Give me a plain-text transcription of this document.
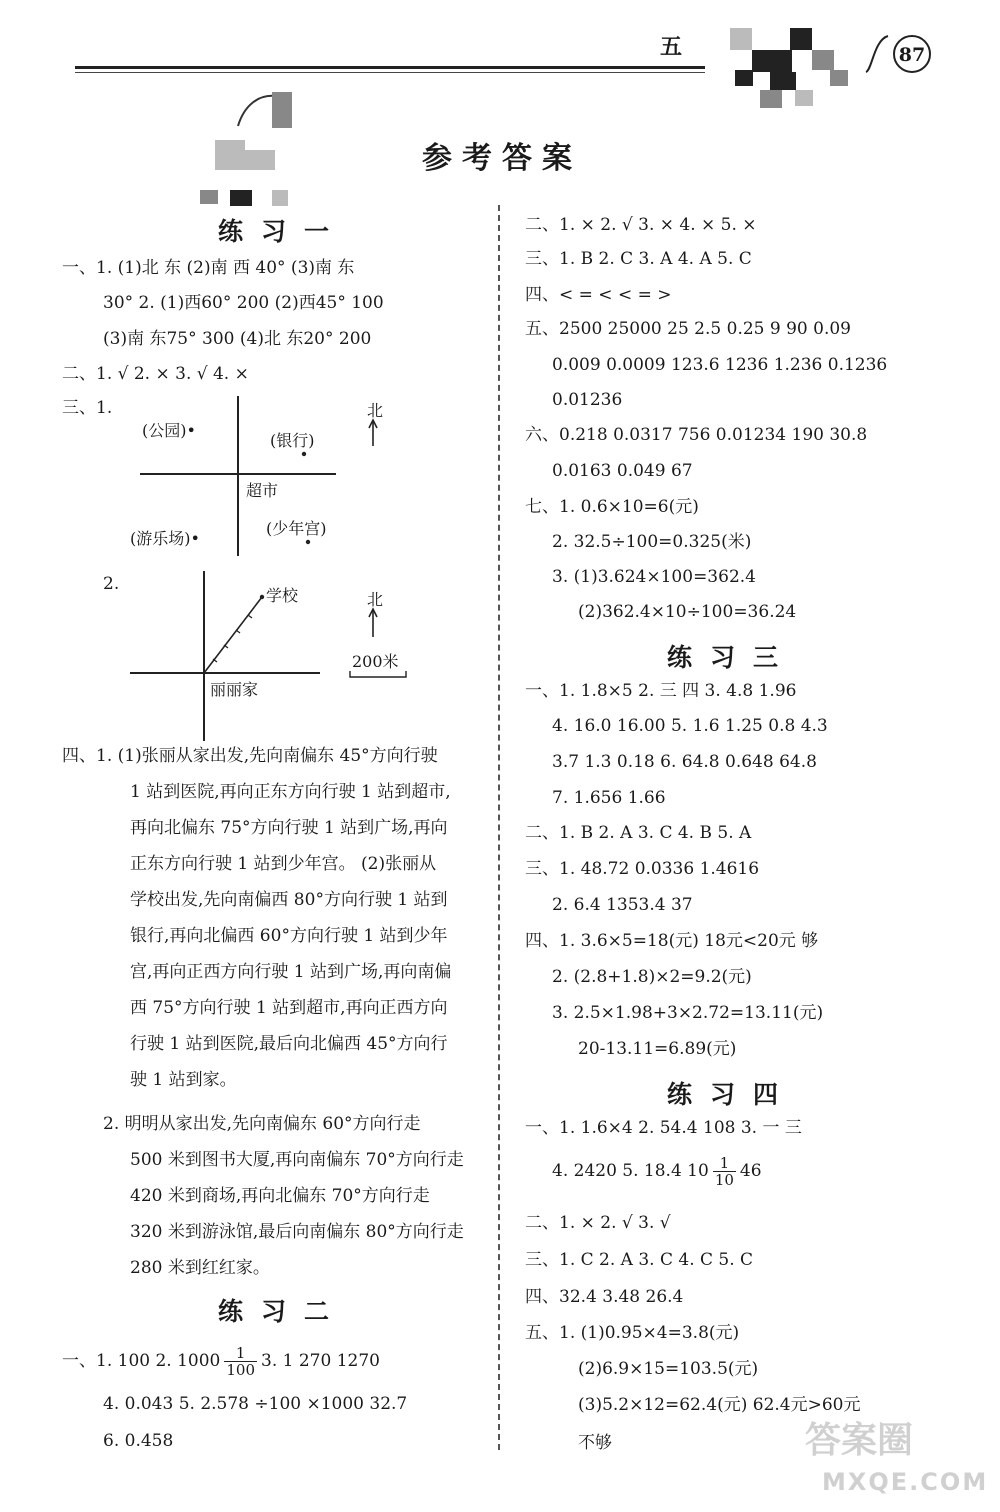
五	87
参考答案
练习一
一、1. (1)北 东 (2)南 西 40° (3)南 东
30° 2. (1)西60° 200 (2)西45° 100
(3)南 东75° 300 (4)北 东20° 200
二、1. √ 2. × 3. √ 4. ×
三、1.
(公园)•
(银行)
超市
(游乐场)•
(少年宫)
北
2.
学校
丽丽家
北
200米
四、1. (1)张丽从家出发,先向南偏东 45°方向行驶
1 站到医院,再向正东方向行驶 1 站到超市,
再向北偏东 75°方向行驶 1 站到广场,再向
正东方向行驶 1 站到少年宫。 (2)张丽从
学校出发,先向南偏西 80°方向行驶 1 站到
银行,再向北偏西 60°方向行驶 1 站到少年
宫,再向正西方向行驶 1 站到广场,再向南偏
西 75°方向行驶 1 站到超市,再向正西方向
行驶 1 站到医院,最后向北偏西 45°方向行
驶 1 站到家。
2. 明明从家出发,先向南偏东 60°方向行走
500 米到图书大厦,再向南偏东 70°方向行走
420 米到商场,再向北偏东 70°方向行走
320 米到游泳馆,最后向南偏东 80°方向行走
280 米到红红家。
练习二
一、1. 100 2. $1000 \frac{1}{100} 3$. 1 270 1270
4. 0.043 5. 2.578 ÷100 ×1000 32.7
6. 0.458
二、1. × 2. √ 3. × 4. × 5. ×
三、1. B 2. C 3. A 4. A 5. C
四、< = < < = >
五、2500 25000 25 2.5 0.25 9 90 0.09
0.009 0.0009 123.6 1236 1.236 0.1236
0.01236
六、0.218 0.0317 756 0.01234 190 30.8
0.0163 0.049 67
七、1. 0.6×10=6(元)
2. 32.5÷100=0.325(米)
3. (1)3.624×100=362.4
(2)362.4×10÷100=36.24
练习三
一、1. 1.8×5 2. 三 四 3. 4.8 1.96
4. 16.0 16.00 5. 1.6 1.25 0.8 4.3
3.7 1.3 0.18 6. 64.8 0.648 64.8
7. 1.656 1.66
二、1. B 2. A 3. C 4. B 5. A
三、1. 48.72 0.0336 1.4616
2. 6.4 1353.4 37
四、1. 3.6×5=18(元) 18元<20元 够
2. (2.8+1.8)×2=9.2(元)
3. 2.5×1.98+3×2.72=13.11(元)
20-13.11=6.89(元)
练习四
一、1. 1.6×4 2. 54.4 108 3. 一 三
4. 2420 5. 18.4 $10 \frac{1}{10} 46$
二、1. × 2. √ 3. √
三、1. C 2. A 3. C 4. C 5. C
四、32.4 3.48 26.4
五、1. (1)0.95×4=3.8(元)
(2)6.9×15=103.5(元)
(3)5.2×12=62.4(元) 62.4元>60元
不够	答案圈
MXQE.COM
